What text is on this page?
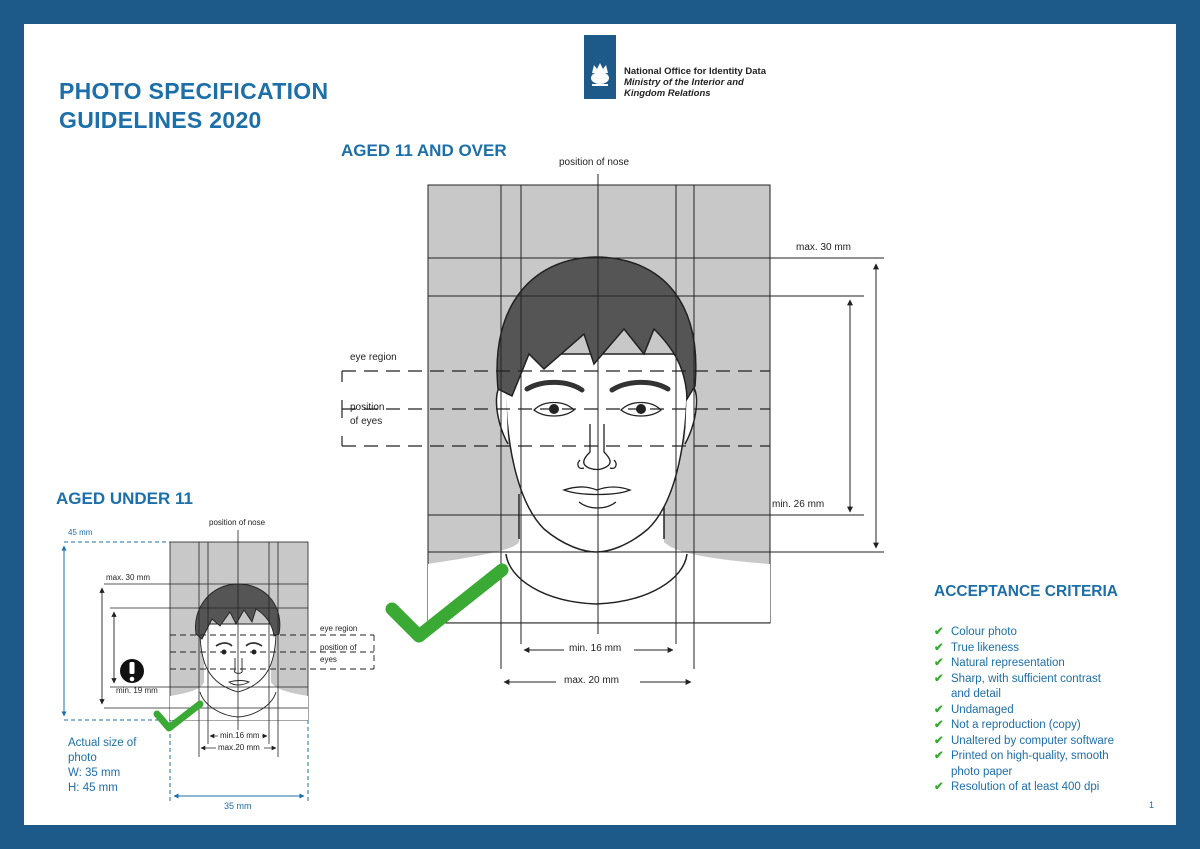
PHOTO SPECIFICATION
GUIDELINES 2020
National Office for Identity Data
Ministry of the Interior and
Kingdom Relations
AGED 11 AND OVER
AGED UNDER 11
position of nose
max. 30 mm
min. 26 mm
eye region
position
of eyes
min. 16 mm
max. 20 mm
45 mm
position of nose
max. 30 mm
min. 19 mm
eye region
position of
eyes
min.16 mm
max.20 mm
35 mm
Actual size of
photo
W: 35 mm
H: 45 mm
ACCEPTANCE CRITERIA
✔ Colour photo
✔ True likeness
✔ Natural representation
✔ Sharp, with sufficient contrast
and detail
✔ Undamaged
✔ Not a reproduction (copy)
✔ Unaltered by computer software
✔ Printed on high-quality, smooth
photo paper
✔ Resolution of at least 400 dpi
1
